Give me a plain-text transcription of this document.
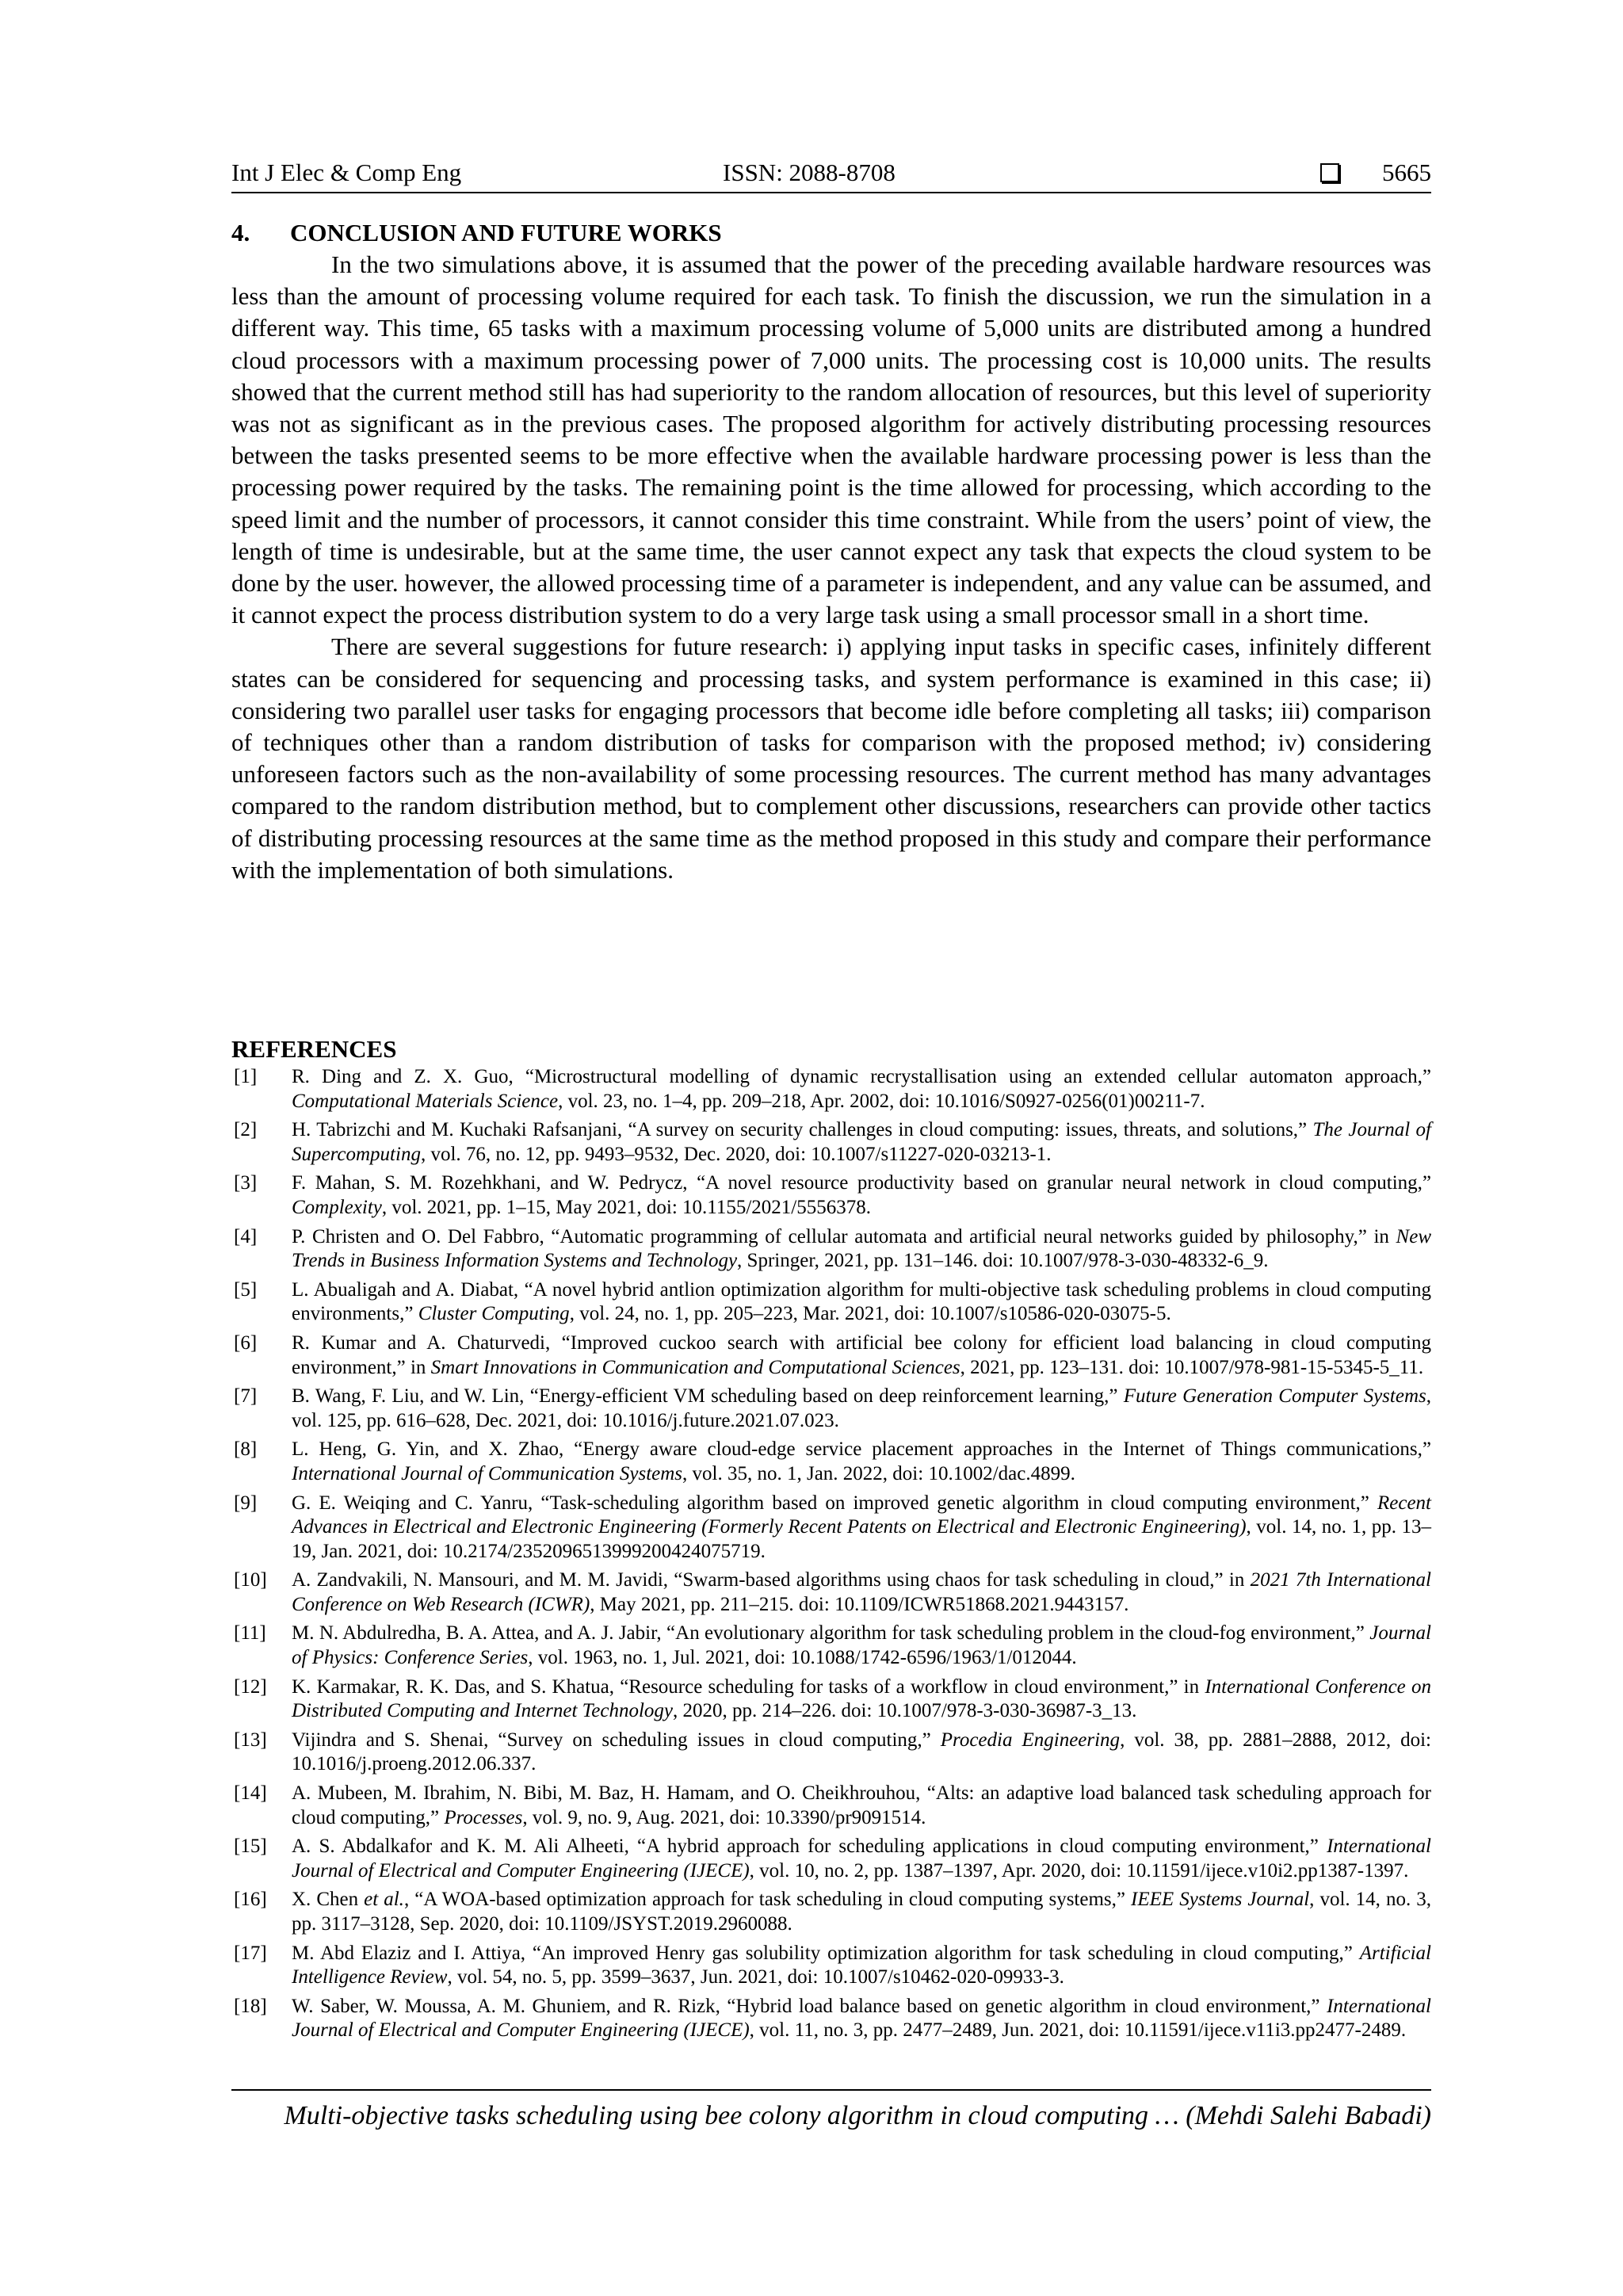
Int J Elec & Comp Eng	ISSN: 2088-8708	5665
4. CONCLUSION AND FUTURE WORKS

In the two simulations above, it is assumed that the power of the preceding available hardware resources was less than the amount of processing volume required for each task. To finish the discussion, we run the simulation in a different way. This time, 65 tasks with a maximum processing volume of 5,000 units are distributed among a hundred cloud processors with a maximum processing power of 7,000 units. The processing cost is 10,000 units. The results showed that the current method still has had superiority to the random allocation of resources, but this level of superiority was not as significant as in the previous cases. The proposed algorithm for actively distributing processing resources between the tasks presented seems to be more effective when the available hardware processing power is less than the processing power required by the tasks. The remaining point is the time allowed for processing, which according to the speed limit and the number of processors, it cannot consider this time constraint. While from the users’ point of view, the length of time is undesirable, but at the same time, the user cannot expect any task that expects the cloud system to be done by the user. however, the allowed processing time of a parameter is independent, and any value can be assumed, and it cannot expect the process distribution system to do a very large task using a small processor small in a short time.

There are several suggestions for future research: i) applying input tasks in specific cases, infinitely different states can be considered for sequencing and processing tasks, and system performance is examined in this case; ii) considering two parallel user tasks for engaging processors that become idle before completing all tasks; iii) comparison of techniques other than a random distribution of tasks for comparison with the proposed method; iv) considering unforeseen factors such as the non-availability of some processing resources. The current method has many advantages compared to the random distribution method, but to complement other discussions, researchers can provide other tactics of distributing processing resources at the same time as the method proposed in this study and compare their performance with the implementation of both simulations.

REFERENCES
[1] R. Ding and Z. X. Guo, “Microstructural modelling of dynamic recrystallisation using an extended cellular automaton approach,” Computational Materials Science, vol. 23, no. 1–4, pp. 209–218, Apr. 2002, doi: 10.1016/S0927-0256(01)00211-7.
[2] H. Tabrizchi and M. Kuchaki Rafsanjani, “A survey on security challenges in cloud computing: issues, threats, and solutions,” The Journal of Supercomputing, vol. 76, no. 12, pp. 9493–9532, Dec. 2020, doi: 10.1007/s11227-020-03213-1.
[3] F. Mahan, S. M. Rozehkhani, and W. Pedrycz, “A novel resource productivity based on granular neural network in cloud computing,” Complexity, vol. 2021, pp. 1–15, May 2021, doi: 10.1155/2021/5556378.
[4] P. Christen and O. Del Fabbro, “Automatic programming of cellular automata and artificial neural networks guided by philosophy,” in New Trends in Business Information Systems and Technology, Springer, 2021, pp. 131–146. doi: 10.1007/978-3-030-48332-6_9.
[5] L. Abualigah and A. Diabat, “A novel hybrid antlion optimization algorithm for multi-objective task scheduling problems in cloud computing environments,” Cluster Computing, vol. 24, no. 1, pp. 205–223, Mar. 2021, doi: 10.1007/s10586-020-03075-5.
[6] R. Kumar and A. Chaturvedi, “Improved cuckoo search with artificial bee colony for efficient load balancing in cloud computing environment,” in Smart Innovations in Communication and Computational Sciences, 2021, pp. 123–131. doi: 10.1007/978-981-15-5345-5_11.
[7] B. Wang, F. Liu, and W. Lin, “Energy-efficient VM scheduling based on deep reinforcement learning,” Future Generation Computer Systems, vol. 125, pp. 616–628, Dec. 2021, doi: 10.1016/j.future.2021.07.023.
[8] L. Heng, G. Yin, and X. Zhao, “Energy aware cloud-edge service placement approaches in the Internet of Things communications,” International Journal of Communication Systems, vol. 35, no. 1, Jan. 2022, doi: 10.1002/dac.4899.
[9] G. E. Weiqing and C. Yanru, “Task-scheduling algorithm based on improved genetic algorithm in cloud computing environment,” Recent Advances in Electrical and Electronic Engineering (Formerly Recent Patents on Electrical and Electronic Engineering), vol. 14, no. 1, pp. 13–19, Jan. 2021, doi: 10.2174/2352096513999200424075719.
[10] A. Zandvakili, N. Mansouri, and M. M. Javidi, “Swarm-based algorithms using chaos for task scheduling in cloud,” in 2021 7th International Conference on Web Research (ICWR), May 2021, pp. 211–215. doi: 10.1109/ICWR51868.2021.9443157.
[11] M. N. Abdulredha, B. A. Attea, and A. J. Jabir, “An evolutionary algorithm for task scheduling problem in the cloud-fog environment,” Journal of Physics: Conference Series, vol. 1963, no. 1, Jul. 2021, doi: 10.1088/1742-6596/1963/1/012044.
[12] K. Karmakar, R. K. Das, and S. Khatua, “Resource scheduling for tasks of a workflow in cloud environment,” in International Conference on Distributed Computing and Internet Technology, 2020, pp. 214–226. doi: 10.1007/978-3-030-36987-3_13.
[13] Vijindra and S. Shenai, “Survey on scheduling issues in cloud computing,” Procedia Engineering, vol. 38, pp. 2881–2888, 2012, doi: 10.1016/j.proeng.2012.06.337.
[14] A. Mubeen, M. Ibrahim, N. Bibi, M. Baz, H. Hamam, and O. Cheikhrouhou, “Alts: an adaptive load balanced task scheduling approach for cloud computing,” Processes, vol. 9, no. 9, Aug. 2021, doi: 10.3390/pr9091514.
[15] A. S. Abdalkafor and K. M. Ali Alheeti, “A hybrid approach for scheduling applications in cloud computing environment,” International Journal of Electrical and Computer Engineering (IJECE), vol. 10, no. 2, pp. 1387–1397, Apr. 2020, doi: 10.11591/ijece.v10i2.pp1387-1397.
[16] X. Chen et al., “A WOA-based optimization approach for task scheduling in cloud computing systems,” IEEE Systems Journal, vol. 14, no. 3, pp. 3117–3128, Sep. 2020, doi: 10.1109/JSYST.2019.2960088.
[17] M. Abd Elaziz and I. Attiya, “An improved Henry gas solubility optimization algorithm for task scheduling in cloud computing,” Artificial Intelligence Review, vol. 54, no. 5, pp. 3599–3637, Jun. 2021, doi: 10.1007/s10462-020-09933-3.
[18] W. Saber, W. Moussa, A. M. Ghuniem, and R. Rizk, “Hybrid load balance based on genetic algorithm in cloud environment,” International Journal of Electrical and Computer Engineering (IJECE), vol. 11, no. 3, pp. 2477–2489, Jun. 2021, doi: 10.11591/ijece.v11i3.pp2477-2489.
Multi-objective tasks scheduling using bee colony algorithm in cloud computing … (Mehdi Salehi Babadi)
